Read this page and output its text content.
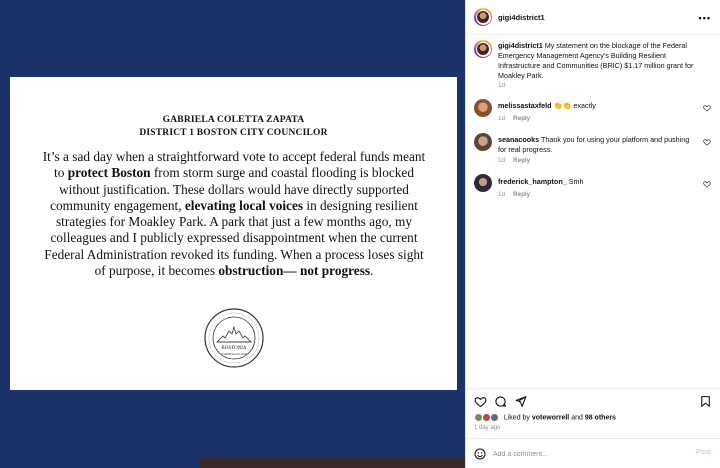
GABRIELA COLETTA ZAPATA
DISTRICT 1 BOSTON CITY COUNCILOR
It’s a sad day when a straightforward vote to accept federal funds meant to protect Boston from storm surge and coastal flooding is blocked without justification. These dollars would have directly supported community engagement, elevating local voices in designing resilient strategies for Moakley Park. A park that just a few months ago, my colleagues and I publicly expressed disappointment when the current Federal Administration revoked its funding. When a process loses sight of purpose, it becomes obstruction— not progress.
BOSTONIA
CONDITA AD 1630
gigi4district1	•••
gigi4district1 My statement on the blockage of the Federal Emergency Management Agency's Building Resilient Infrastructure and Communities (BRIC) $1.17 million grant for Moakley Park.
1d
melissastaxfeld 👏👏 exactly
1d Reply
seanacooks Thank you for using your platform and pushing for real progress.
1d Reply
frederick_hampton_ Smh
1d Reply
Liked by voteworrell and 98 others
1 day ago
Add a comment...
Post
